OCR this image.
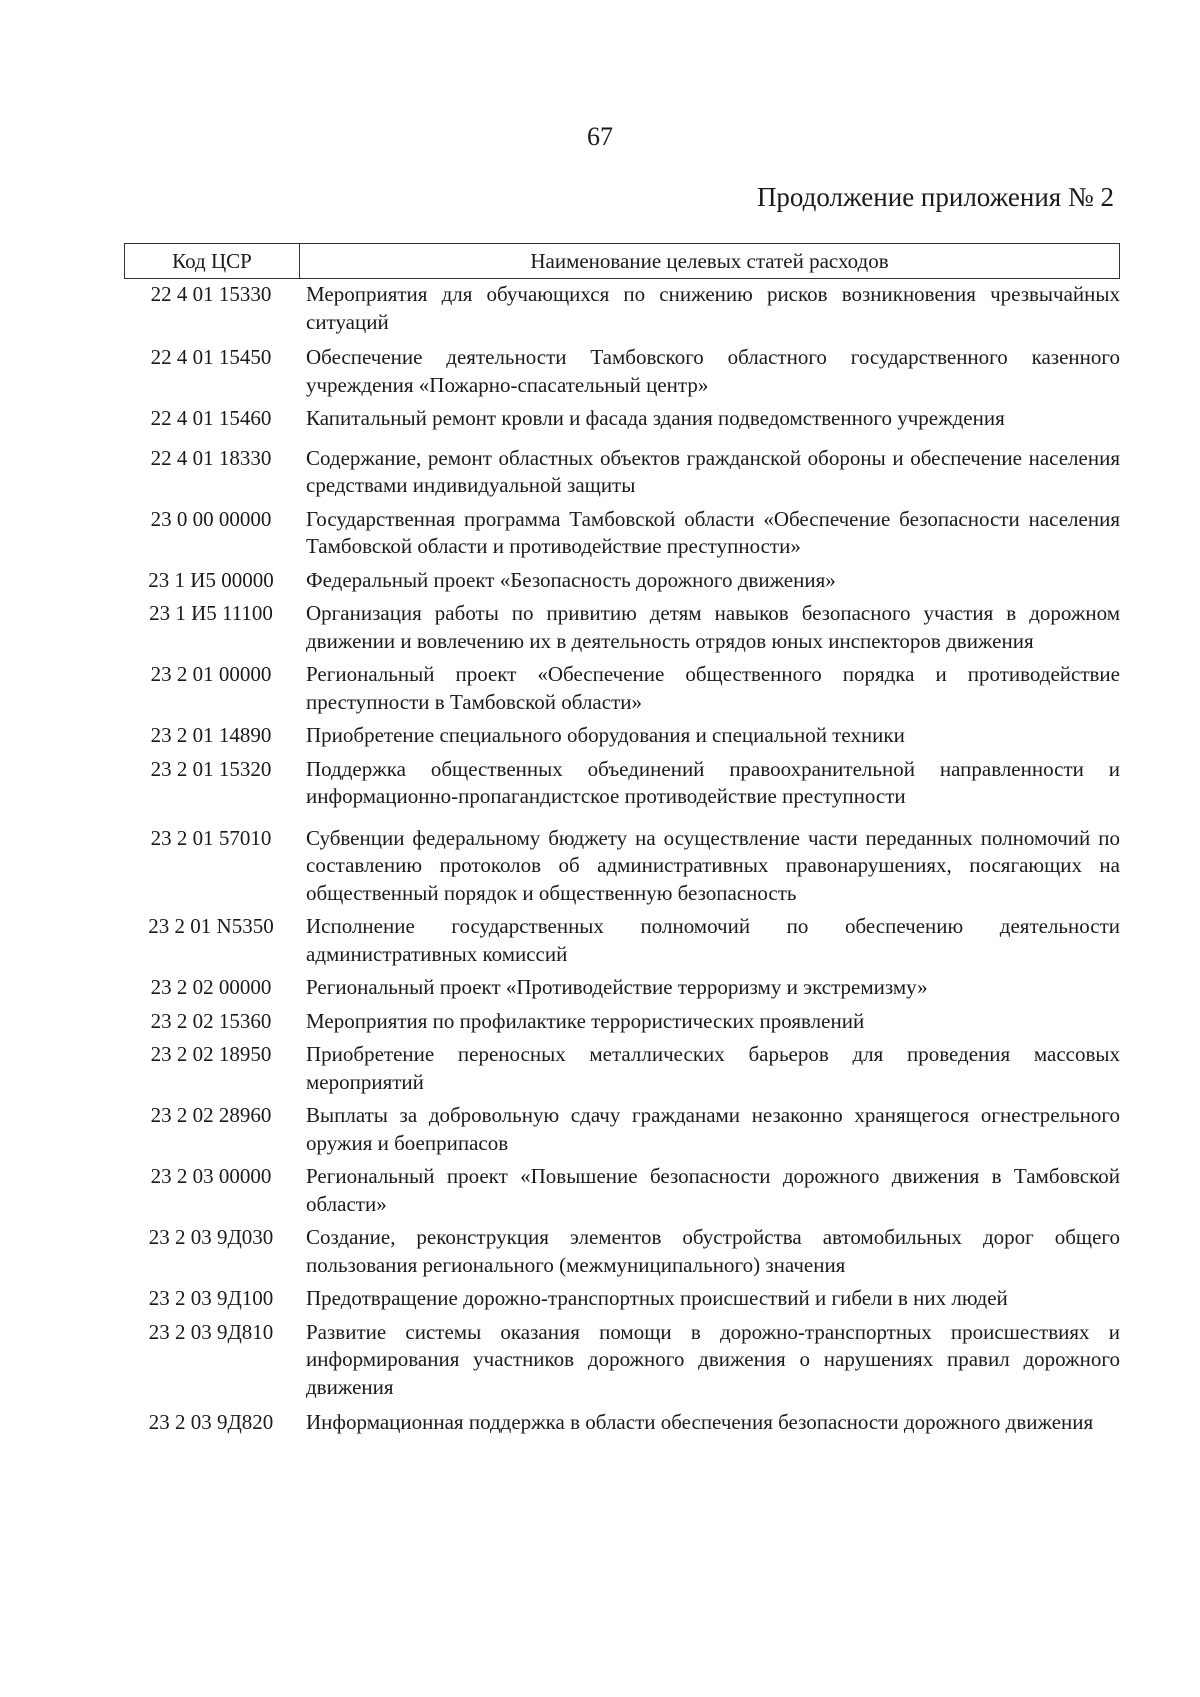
67
Продолжение приложения № 2
Код ЦСР	Наименование целевых статей расходов
22 4 01 15330	Мероприятия для обучающихся по снижению рисков возникновения чрезвычайных ситуаций
22 4 01 15450	Обеспечение деятельности Тамбовского областного государственного казенного учреждения «Пожарно-спасательный центр»
22 4 01 15460	Капитальный ремонт кровли и фасада здания подведомственного учреждения
22 4 01 18330	Содержание, ремонт областных объектов гражданской обороны и обеспечение населения средствами индивидуальной защиты
23 0 00 00000	Государственная программа Тамбовской области «Обеспечение безопасности населения Тамбовской области и противодействие преступности»
23 1 И5 00000	Федеральный проект «Безопасность дорожного движения»
23 1 И5 11100	Организация работы по привитию детям навыков безопасного участия в дорожном движении и вовлечению их в деятельность отрядов юных инспекторов движения
23 2 01 00000	Региональный проект «Обеспечение общественного порядка и противодействие преступности в Тамбовской области»
23 2 01 14890	Приобретение специального оборудования и специальной техники
23 2 01 15320	Поддержка общественных объединений правоохранительной направленности и информационно-пропагандистское противодействие преступности
23 2 01 57010	Субвенции федеральному бюджету на осуществление части переданных полномочий по составлению протоколов об административных правонарушениях, посягающих на общественный порядок и общественную безопасность
23 2 01 N5350	Исполнение государственных полномочий по обеспечению деятельности административных комиссий
23 2 02 00000	Региональный проект «Противодействие терроризму и экстремизму»
23 2 02 15360	Мероприятия по профилактике террористических проявлений
23 2 02 18950	Приобретение переносных металлических барьеров для проведения массовых мероприятий
23 2 02 28960	Выплаты за добровольную сдачу гражданами незаконно хранящегося огнестрельного оружия и боеприпасов
23 2 03 00000	Региональный проект «Повышение безопасности дорожного движения в Тамбовской области»
23 2 03 9Д030	Создание, реконструкция элементов обустройства автомобильных дорог общего пользования регионального (межмуниципального) значения
23 2 03 9Д100	Предотвращение дорожно-транспортных происшествий и гибели в них людей
23 2 03 9Д810	Развитие системы оказания помощи в дорожно-транспортных происшествиях и информирования участников дорожного движения о нарушениях правил дорожного движения
23 2 03 9Д820	Информационная поддержка в области обеспечения безопасности дорожного движения
